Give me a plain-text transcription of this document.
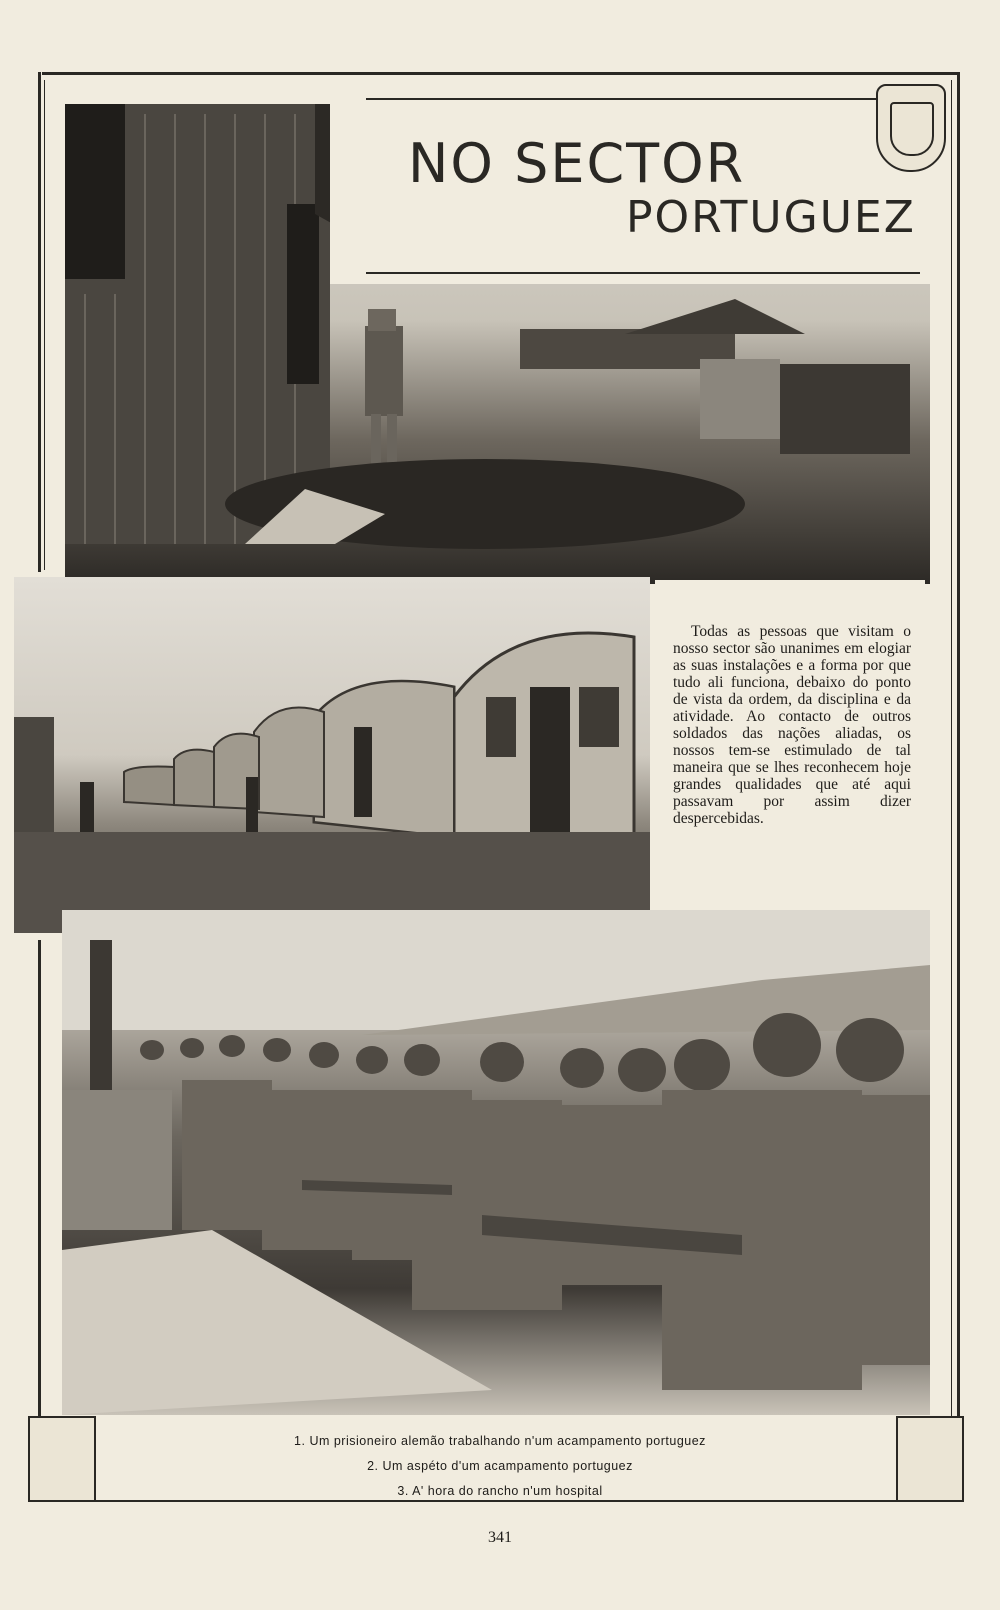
NO SECTOR
PORTUGUEZ

Todas as pessoas que visitam o nosso sector são unanimes em elogiar as suas instalações e a forma por que tudo ali funciona, debaixo do ponto de vista da ordem, da disciplina e da atividade. Ao contacto de outros soldados das nações aliadas, os nossos tem-se estimulado de tal maneira que se lhes reconhecem hoje grandes qualidades que até aqui passavam por assim dizer despercebidas.

1. Um prisioneiro alemão trabalhando n'um acampamento portuguez
2. Um aspéto d'um acampamento portuguez
3. A' hora do rancho n'um hospital
341
